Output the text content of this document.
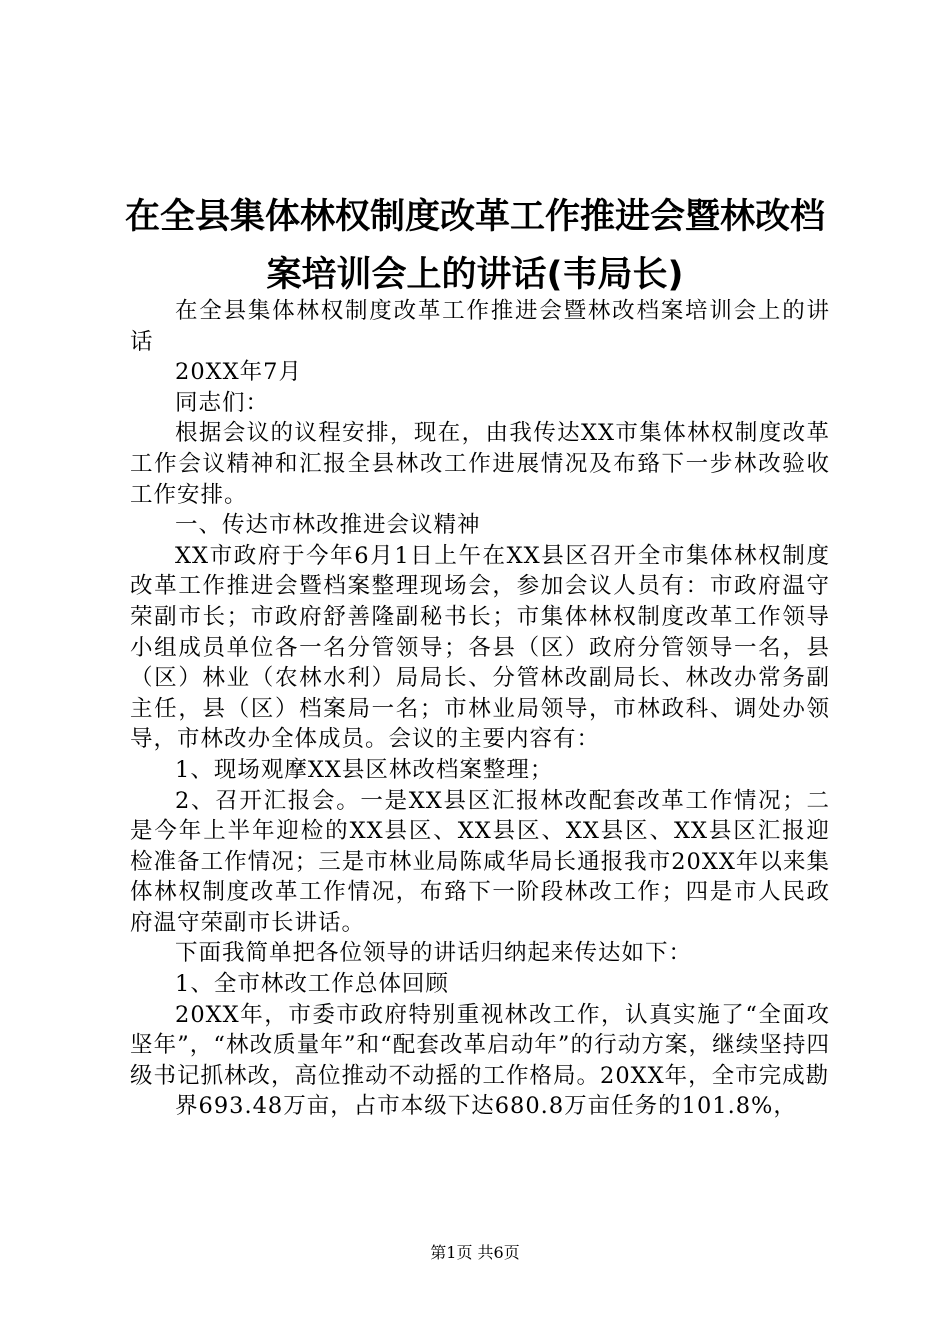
在全县集体林权制度改革工作推进会暨林改档
案培训会上的讲话(韦局长)

在全县集体林权制度改革工作推进会暨林改档案培训会上的讲话

20XX年7月

同志们：

根据会议的议程安排，现在，由我传达XX市集体林权制度改革工作会议精神和汇报全县林改工作进展情况及布臵下一步林改验收工作安排。

一、传达市林改推进会议精神

XX市政府于今年6月1日上午在XX县区召开全市集体林权制度改革工作推进会暨档案整理现场会，参加会议人员有：市政府温守荣副市长；市政府舒善隆副秘书长；市集体林权制度改革工作领导小组成员单位各一名分管领导；各县（区）政府分管领导一名，县（区）林业（农林水利）局局长、分管林改副局长、林改办常务副主任，县（区）档案局一名；市林业局领导，市林政科、调处办领导，市林改办全体成员。会议的主要内容有：

1、现场观摩XX县区林改档案整理；

2、召开汇报会。一是XX县区汇报林改配套改革工作情况；二是今年上半年迎检的XX县区、XX县区、XX县区、XX县区汇报迎检准备工作情况；三是市林业局陈咸华局长通报我市20XX年以来集体林权制度改革工作情况，布臵下一阶段林改工作；四是市人民政府温守荣副市长讲话。

下面我简单把各位领导的讲话归纳起来传达如下：

1、全市林改工作总体回顾

20XX年，市委市政府特别重视林改工作，认真实施了“全面攻坚年”，“林改质量年”和“配套改革启动年”的行动方案，继续坚持四级书记抓林改，高位推动不动摇的工作格局。20XX年，全市完成勘

界693.48万亩，占市本级下达680.8万亩任务的101.8%，

第1页 共6页
